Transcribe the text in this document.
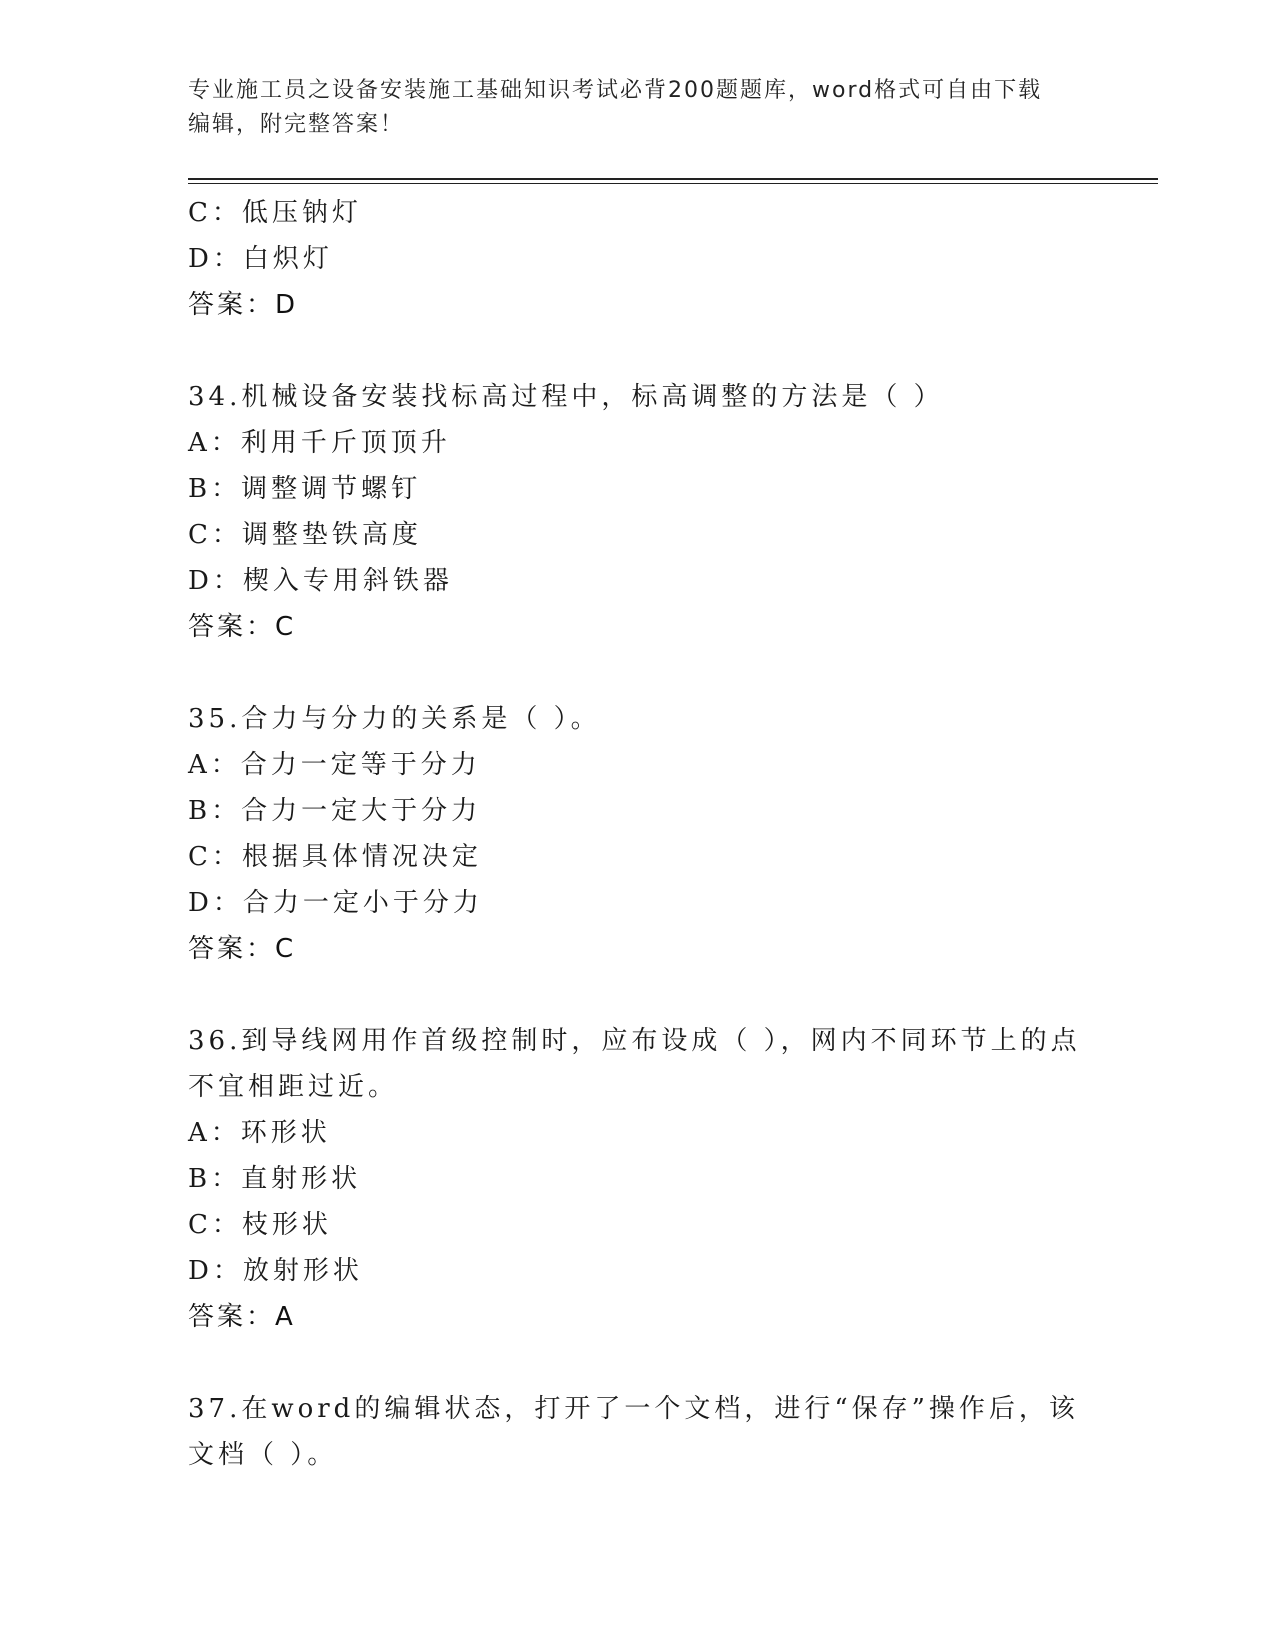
专业施工员之设备安装施工基础知识考试必背200题题库，word格式可自由下载
编辑，附完整答案！
C：低压钠灯
D：白炽灯
答案：D
34.机械设备安装找标高过程中，标高调整的方法是（ ）
A：利用千斤顶顶升
B：调整调节螺钉
C：调整垫铁高度
D：楔入专用斜铁器
答案：C
35.合力与分力的关系是（ ）。
A：合力一定等于分力
B：合力一定大于分力
C：根据具体情况决定
D：合力一定小于分力
答案：C
36.到导线网用作首级控制时，应布设成（ ），网内不同环节上的点
不宜相距过近。
A：环形状
B：直射形状
C：枝形状
D：放射形状
答案：A
37.在word的编辑状态，打开了一个文档，进行“保存”操作后，该
文档（ ）。
